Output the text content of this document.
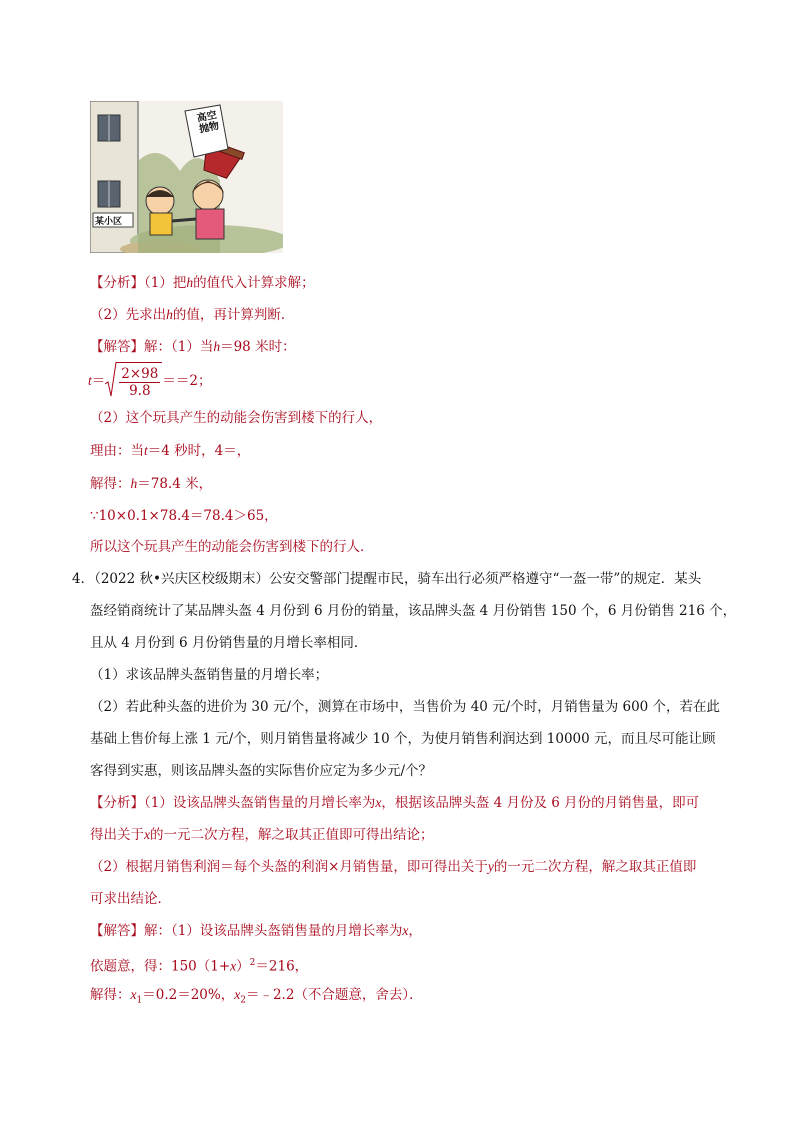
高空抛物
某小区
【分析】（1）把h的值代入计算求解；
（2）先求出h的值，再计算判断．
【解答】解：（1）当h＝98 米时：
$t= \frac{2\times 98}{9.8} ==2$；
（2）这个玩具产生的动能会伤害到楼下的行人，
理由：当t＝4 秒时，4＝，
解得：h＝78.4 米，
∵10×0.1×78.4＝78.4＞65，
所以这个玩具产生的动能会伤害到楼下的行人．
4．（2022 秋•兴庆区校级期末）公安交警部门提醒市民，骑车出行必须严格遵守“一盔一带”的规定．某头
盔经销商统计了某品牌头盔 4 月份到 6 月份的销量，该品牌头盔 4 月份销售 150 个，6 月份销售 216 个，
且从 4 月份到 6 月份销售量的月增长率相同．
（1）求该品牌头盔销售量的月增长率；
（2）若此种头盔的进价为 30 元/个，测算在市场中，当售价为 40 元/个时，月销售量为 600 个，若在此
基础上售价每上涨 1 元/个，则月销售量将减少 10 个，为使月销售利润达到 10000 元，而且尽可能让顾
客得到实惠，则该品牌头盔的实际售价应定为多少元/个？
【分析】（1）设该品牌头盔销售量的月增长率为x，根据该品牌头盔 4 月份及 6 月份的月销售量，即可
得出关于x的一元二次方程，解之取其正值即可得出结论；
（2）根据月销售利润＝每个头盔的利润×月销售量，即可得出关于y的一元二次方程，解之取其正值即
可求出结论．
【解答】解：（1）设该品牌头盔销售量的月增长率为x，
依题意，得：$150(1+x)^2=216$，
解得：$x_1=0.2=20\%$，$x_2=﹣2.2$（不合题意，舍去）．
